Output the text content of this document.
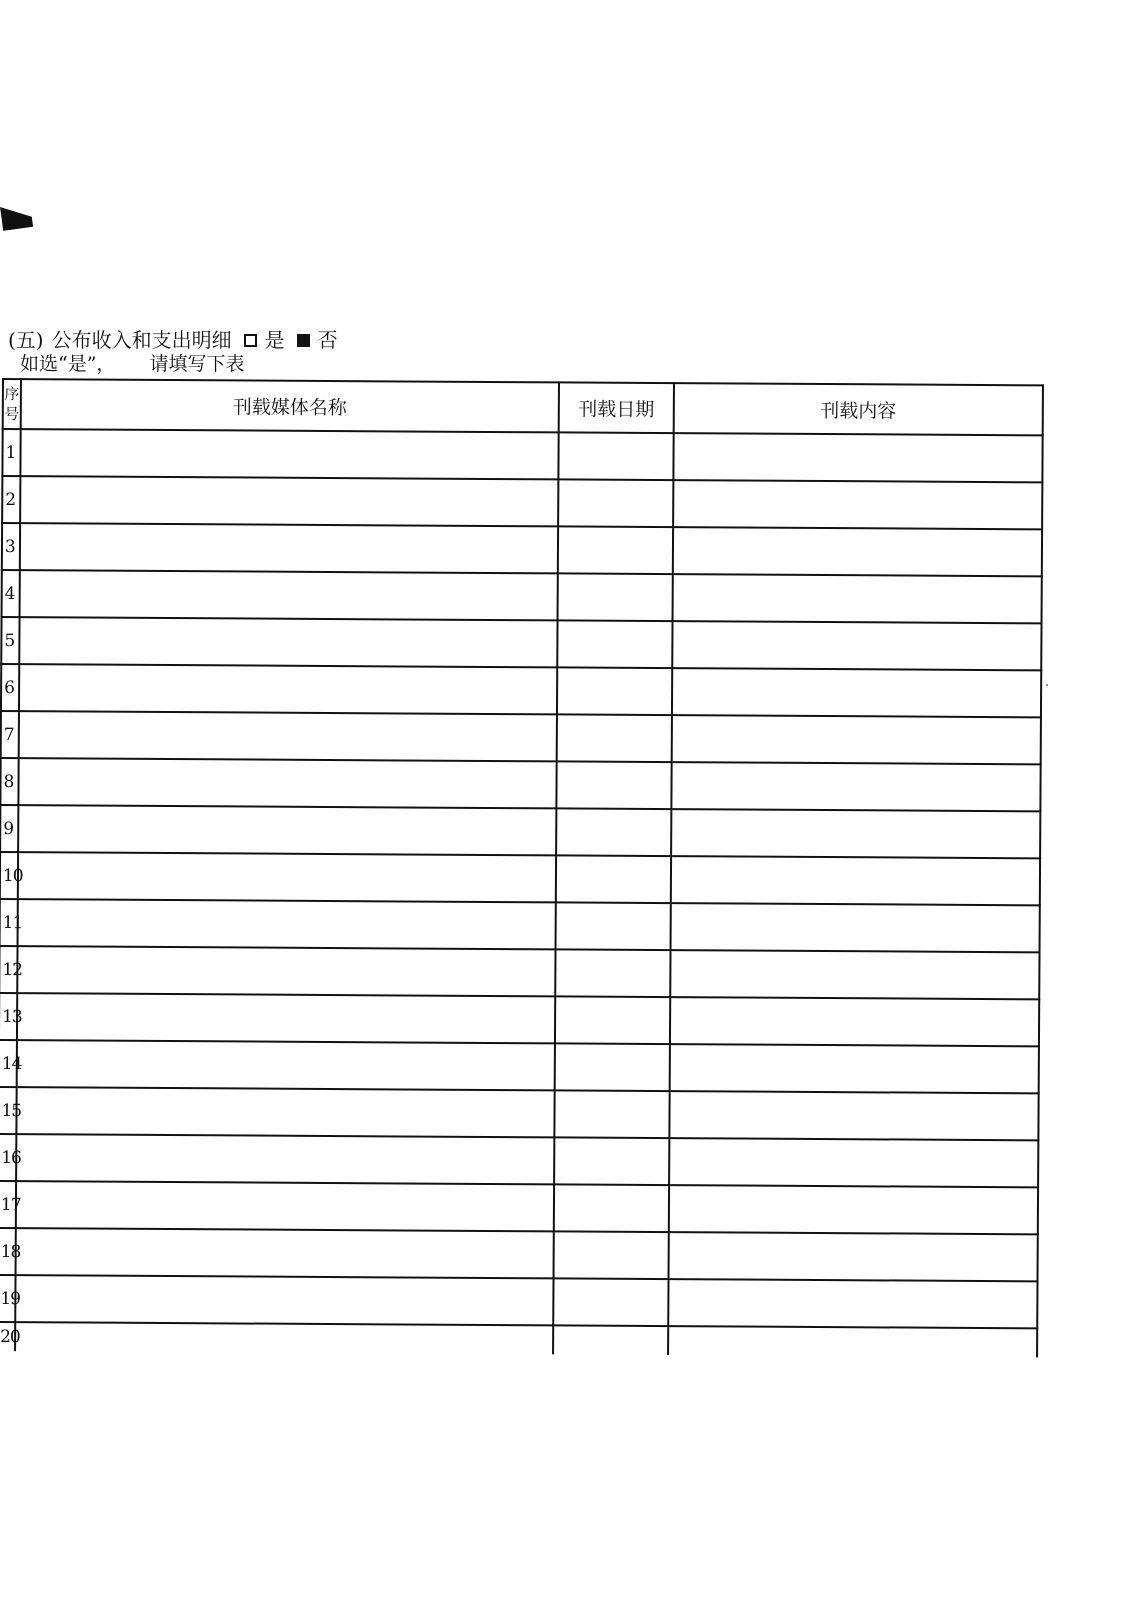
(五) 公布收入和支出明细 是 否
如选“是”， 请填写下表
序号	刊载媒体名称	刊载日期	刊载内容
1			
2			
3			
4			
5			
6			
7			
8			
9			
10			
11			
12			
13			
14			
15			
16			
17			
18			
19			
20			
